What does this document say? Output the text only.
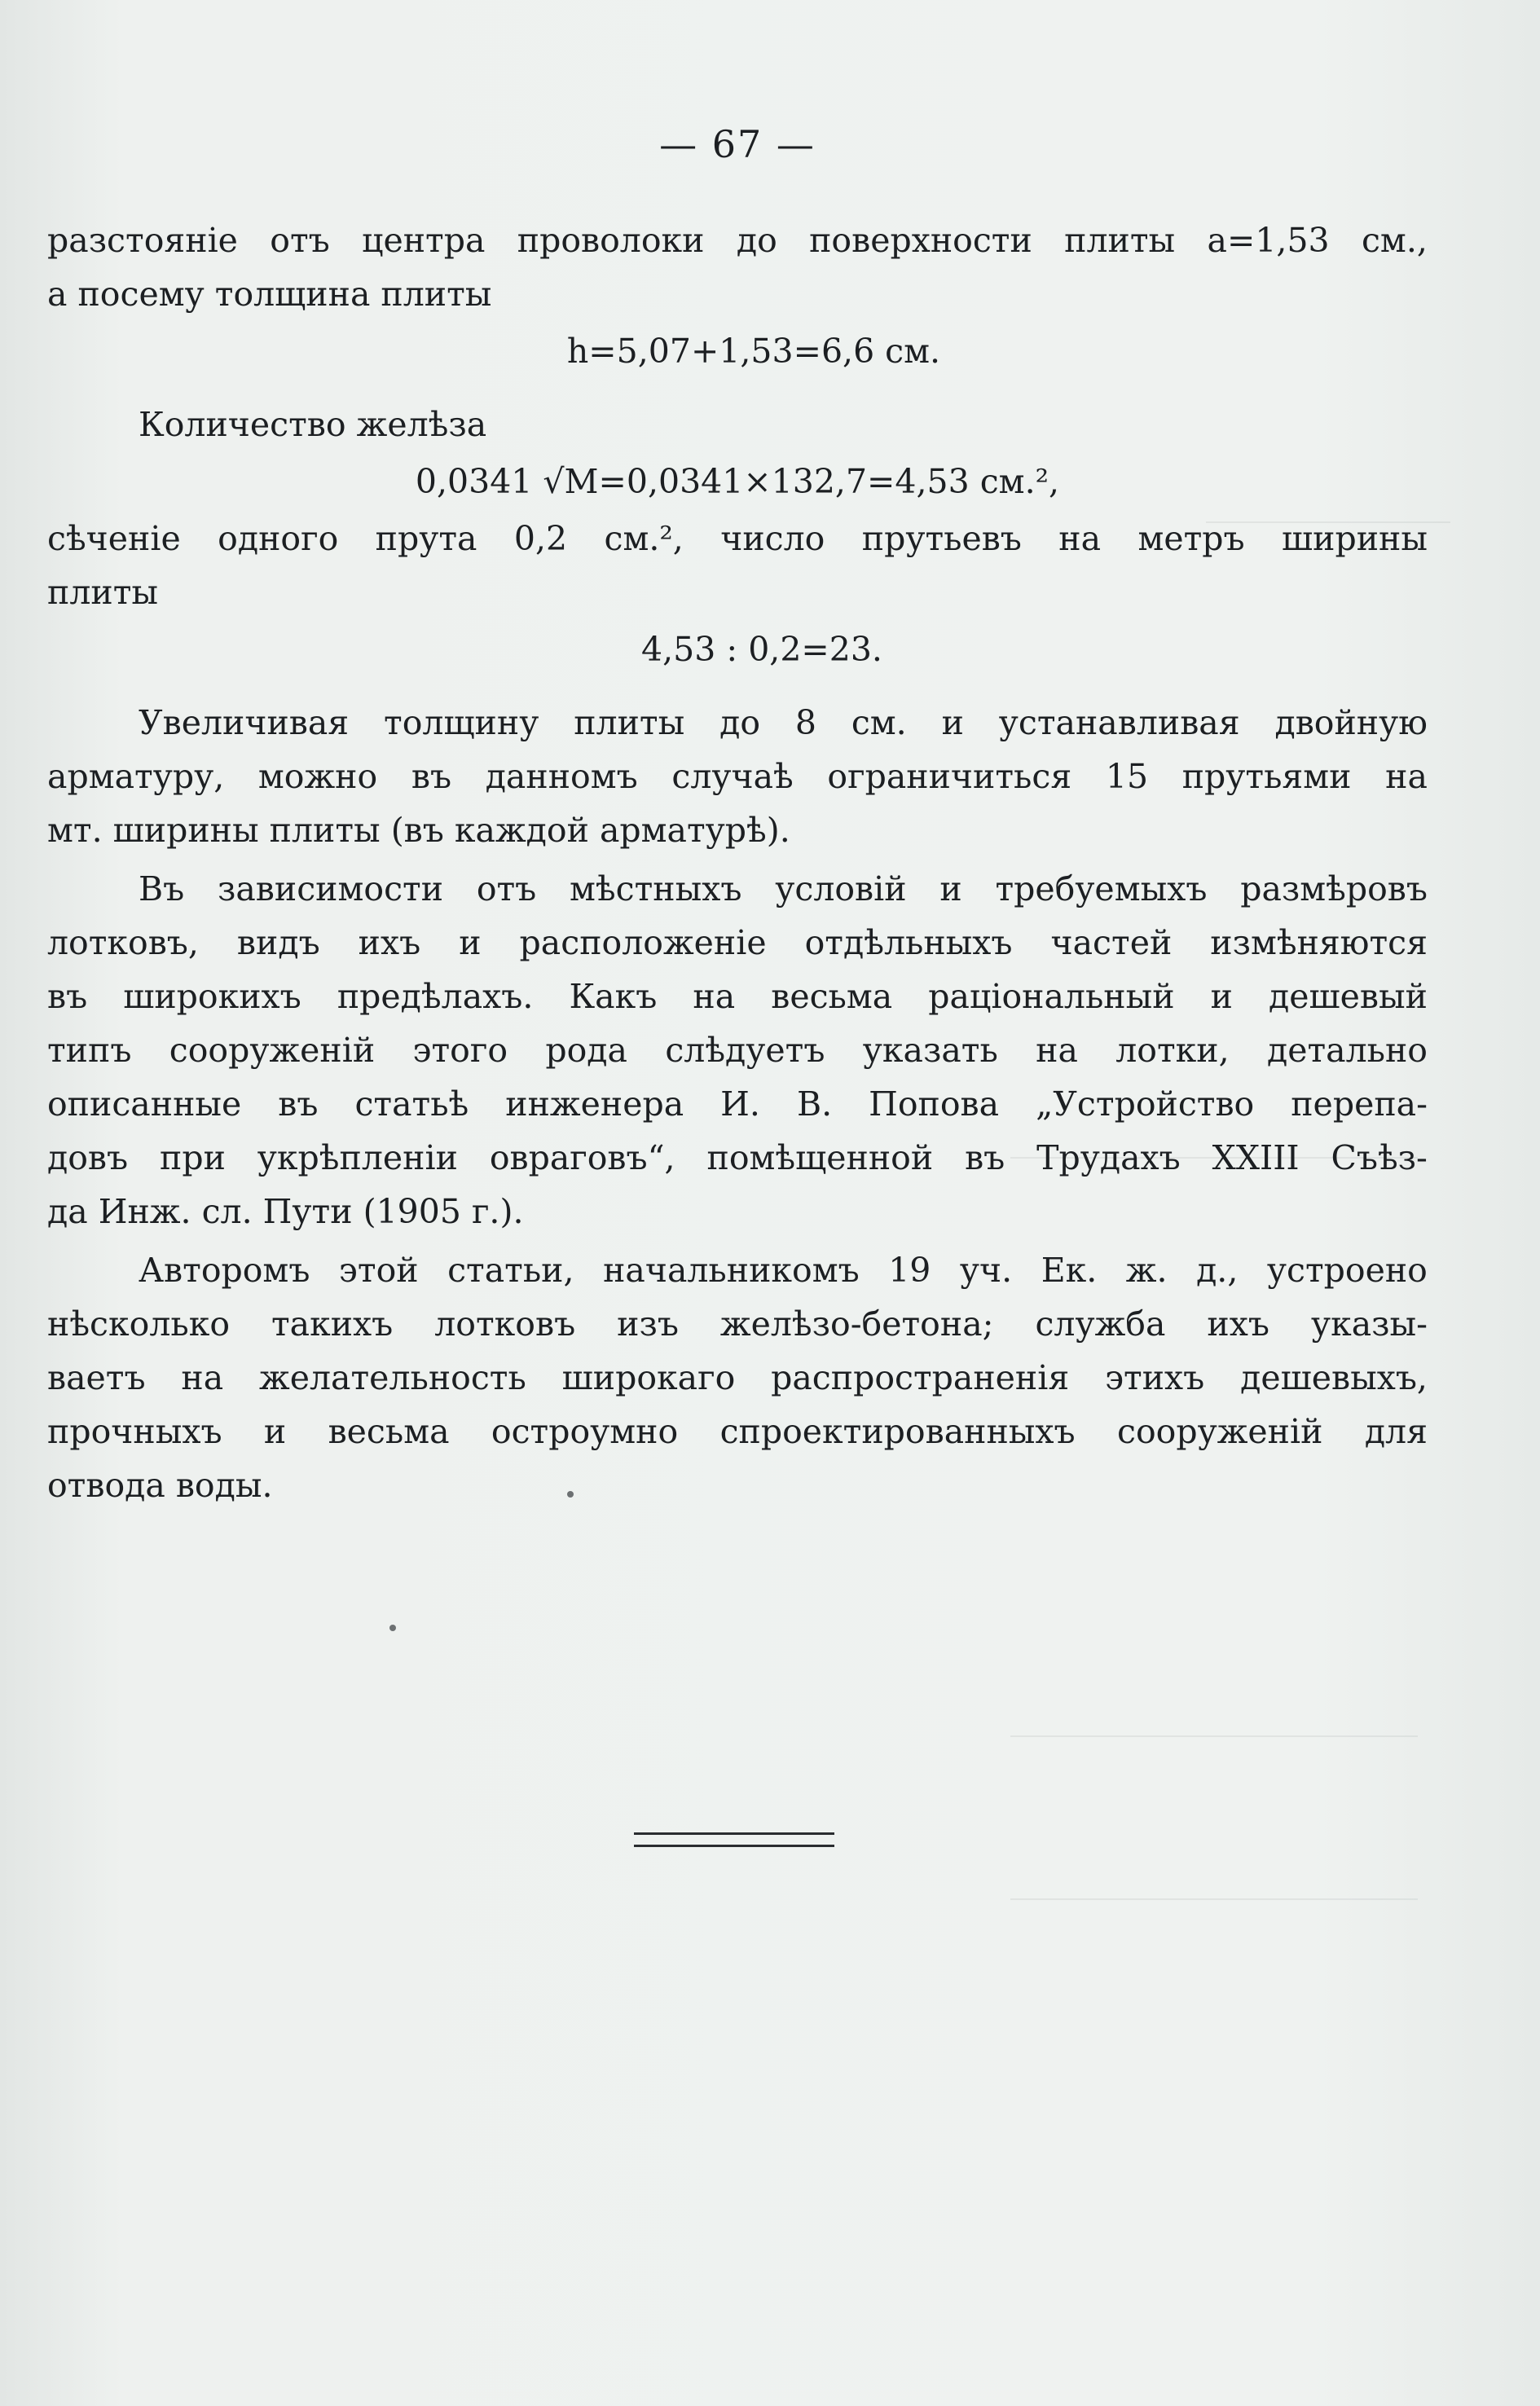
— 67 —
разстоянie отъ центра проволоки до поверхности плиты a=1,53 см.,
а посему толщина плиты
h=5,07+1,53=6,6 см.
Количество желѣза
0,0341 √M=0,0341×132,7=4,53 см.²,
сѣченie одного прута 0,2 см.², число прутьевъ на метръ ширины
плиты
4,53 : 0,2=23.
Увеличивая толщину плиты до 8 см. и устанавливая двойную
арматуру, можно въ данномъ случаѣ ограничиться 15 прутьями на
мт. ширины плиты (въ каждой арматурѣ).
Въ зависимости отъ мѣстныхъ условiй и требуемыхъ размѣровъ
лотковъ, видъ ихъ и расположенie отдѣльныхъ частей измѣняются
въ широкихъ предѣлахъ. Какъ на весьма рацiональный и дешевый
типъ сооруженiй этого рода слѣдуетъ указать на лотки, детально
описанные въ статьѣ инженера И. В. Попова „Устройство перепа-
довъ при укрѣпленiи овраговъ“, помѣщенной въ Трудахъ XXIII Съѣз-
да Инж. сл. Пути (1905 г.).
Авторомъ этой статьи, начальникомъ 19 уч. Ек. ж. д., устроено
нѣсколько такихъ лотковъ изъ желѣзо-бетона; служба ихъ указы-
ваетъ на желательность широкаго распространенiя этихъ дешевыхъ,
прочныхъ и весьма остроумно спроектированныхъ сооруженiй для
отвода воды.
